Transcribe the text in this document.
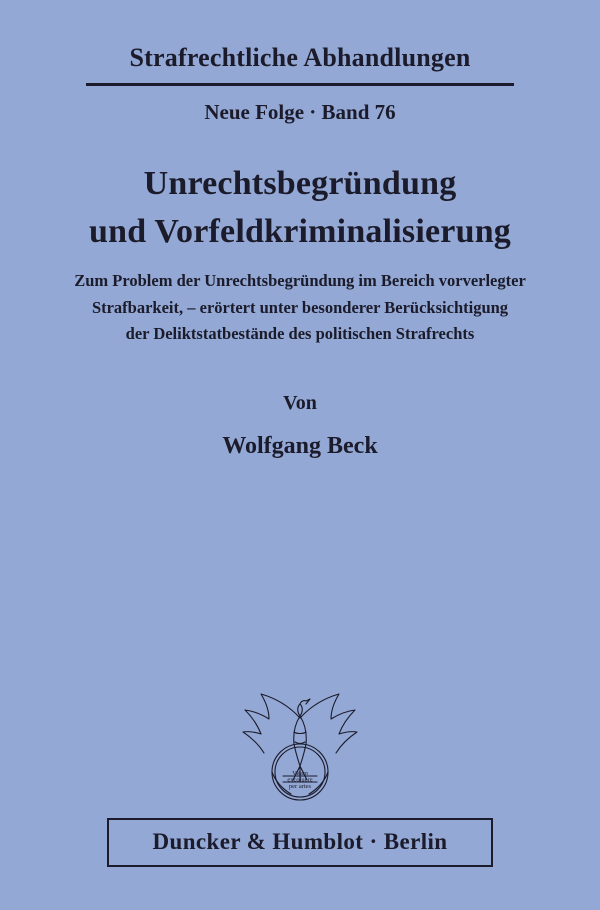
Strafrechtliche Abhandlungen
Neue Folge · Band 76
Unrechtsbegründung
und Vorfeldkriminalisierung
Zum Problem der Unrechtsbegründung im Bereich vorverlegter
Strafbarkeit, – erörtert unter besonderer Berücksichtigung
der Deliktstatbestände des politischen Strafrechts
Von
Wolfgang Beck
Vitam
excoluere
per artes
Duncker & Humblot · Berlin
